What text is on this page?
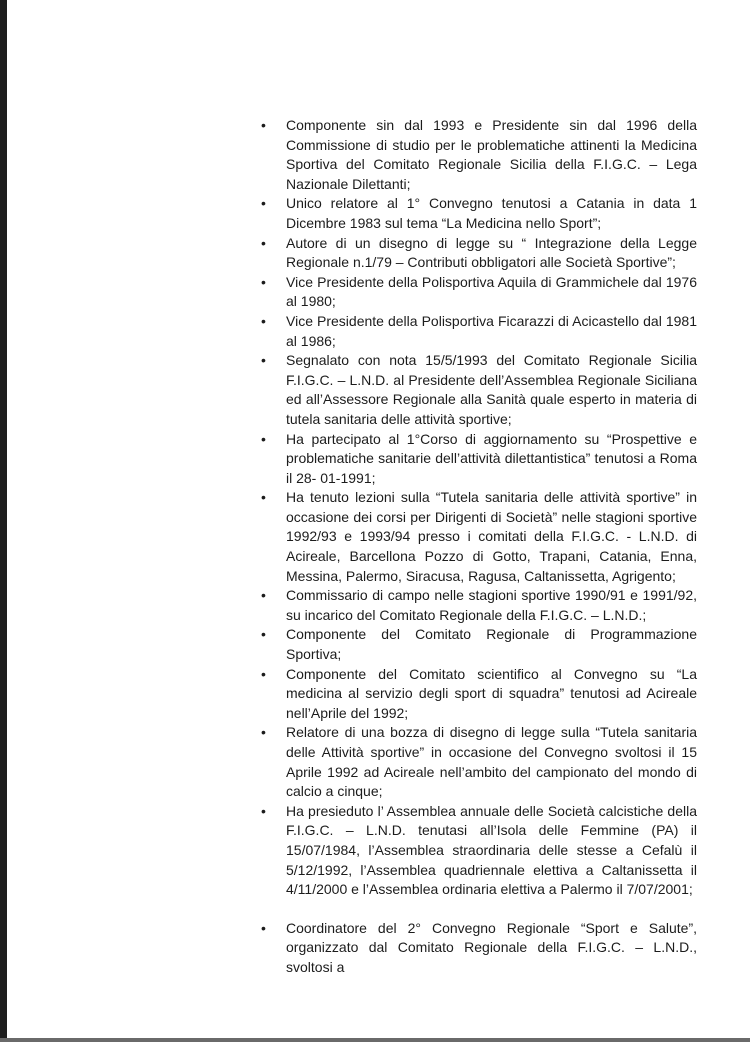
• Componente sin dal 1993 e Presidente sin dal 1996 della Commissione di studio per le problematiche attinenti la Medicina Sportiva del Comitato Regionale Sicilia della F.I.G.C. – Lega Nazionale Dilettanti;
• Unico relatore al 1° Convegno tenutosi a Catania in data 1 Dicembre 1983 sul tema “La Medicina nello Sport”;
• Autore di un disegno di legge su “ Integrazione della Legge Regionale n.1/79 – Contributi obbligatori alle Società Sportive”;
• Vice Presidente della Polisportiva Aquila di Grammichele dal 1976 al 1980;
• Vice Presidente della Polisportiva Ficarazzi di Acicastello dal 1981 al 1986;
• Segnalato con nota 15/5/1993 del Comitato Regionale Sicilia F.I.G.C. – L.N.D. al Presidente dell’Assemblea Regionale Siciliana ed all’Assessore Regionale alla Sanità quale esperto in materia di tutela sanitaria delle attività sportive;
• Ha partecipato al 1°Corso di aggiornamento su “Prospettive e problematiche sanitarie dell’attività dilettantistica” tenutosi a Roma il 28- 01-1991;
• Ha tenuto lezioni sulla “Tutela sanitaria delle attività sportive” in occasione dei corsi per Dirigenti di Società” nelle stagioni sportive 1992/93 e 1993/94 presso i comitati della F.I.G.C. - L.N.D. di Acireale, Barcellona Pozzo di Gotto, Trapani, Catania, Enna, Messina, Palermo, Siracusa, Ragusa, Caltanissetta, Agrigento;
• Commissario di campo nelle stagioni sportive 1990/91 e 1991/92, su incarico del Comitato Regionale della F.I.G.C. – L.N.D.;
• Componente del Comitato Regionale di Programmazione Sportiva;
• Componente del Comitato scientifico al Convegno su “La medicina al servizio degli sport di squadra” tenutosi ad Acireale nell’Aprile del 1992;
• Relatore di una bozza di disegno di legge sulla “Tutela sanitaria delle Attività sportive” in occasione del Convegno svoltosi il 15 Aprile 1992 ad Acireale nell’ambito del campionato del mondo di calcio a cinque;
• Ha presieduto l’ Assemblea annuale delle Società calcistiche della F.I.G.C. – L.N.D. tenutasi all’Isola delle Femmine (PA) il 15/07/1984, l’Assemblea straordinaria delle stesse a Cefalù il 5/12/1992, l’Assemblea quadriennale elettiva a Caltanissetta il 4/11/2000 e l’Assemblea ordinaria elettiva a Palermo il 7/07/2001;
• Coordinatore del 2° Convegno Regionale “Sport e Salute”, organizzato dal Comitato Regionale della F.I.G.C. – L.N.D., svoltosi a
